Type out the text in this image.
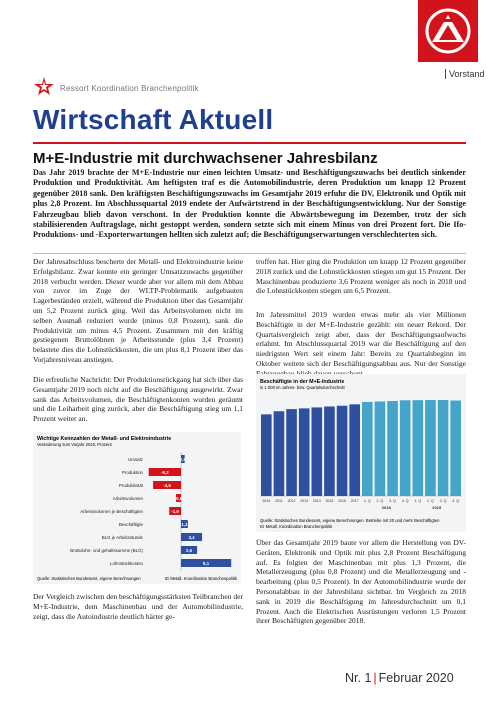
Vorstand
Ressort Koordination Branchenpolitik
Wirtschaft Aktuell
M+E-Industrie mit durchwachsener Jahresbilanz
Das Jahr 2019 brachte der M+E-Industrie nur einen leichten Umsatz- und Beschäftigungszuwachs bei deutlich sinkender Produktion und Produktivität. Am heftigsten traf es die Automobilindustrie, deren Produktion um knapp 12 Prozent gegenüber 2018 sank. Den kräftigsten Beschäftigungszuwachs im Gesamtjahr 2019 erfuhr die DV, Elektronik und Optik mit plus 2,8 Prozent. Im Abschlussquartal 2019 endete der Aufwärtstrend in der Beschäftigungsentwicklung. Nur der Sonstige Fahrzeugbau blieb davon verschont. In der Produktion konnte die Abwärtsbewegung im Dezember, trotz der sich stabilisierenden Auftragslage, nicht gestoppt werden, sondern setzte sich mit einem Minus von drei Prozent fort. Die Ifo-Produktions- und -Exporterwartungen hellten sich zuletzt auf; die Beschäftigungserwartungen verschlechterten sich.

Der Jahresabschluss bescherte der Metall- und Elektroindustrie keine Erfolgsbilanz. Zwar konnte ein geringer Umsatzzuwachs gegenüber 2018 verbucht werden. Dieser wurde aber vor allem mit dem Abbau von zuvor im Zuge der WLTP-Problematik aufgebauten Lagerbeständen erzielt, während die Produktion über das Gesamtjahr um 5,2 Prozent zurück ging. Weil das Arbeitsvolumen nicht im selben Ausmaß reduziert wurde (minus 0,8 Prozent), sank die Produktivität um minus 4,5 Prozent. Zusammen mit den kräftig gestiegenen Bruttolöhnen je Arbeitsstunde (plus 3,4 Prozent) belastete dies die Lohnstückkosten, die um plus 8,1 Prozent über das Vorjahresniveau anstiegen.

Die erfreuliche Nachricht: Der Produktionsrückgang hat sich über das Gesamtjahr 2019 noch nicht auf die Beschäftigung ausgewirkt. Zwar sank das Arbeitsvolumen, die Beschäftigtenkonten wurden geräumt und die Leiharbeit ging zurück, aber die Beschäftigung stieg um 1,1 Prozent weiter an.

Der Vergleich zwischen den beschäftigungsstärksten Teilbranchen der M+E-Industrie, dem Maschinenbau und der Automobilindustrie, zeigt, dass die Autoindustrie deutlich härter ge-

troffen hat. Hier ging die Produktion um knapp 12 Prozent gegenüber 2018 zurück und die Lohnstückkosten stiegen um gut 15 Prozent. Der Maschinenbau produzierte 3,6 Prozent weniger als noch in 2018 und die Lohnstückkosten stiegen um 6,5 Prozent.

Im Jahresmittel 2019 wurden etwas mehr als vier Millionen Beschäftigte in der M+E-Industrie gezählt: ein neuer Rekord. Der Quartalsvergleich zeigt aber, dass der Beschäftigungsaufwuchs erlahmt. Im Abschlussquartal 2019 war die Beschäftigung auf den niedrigsten Wert seit einem Jahr: Bereits zu Quartalsbeginn im Oktober weitete sich der Beschäftigungsabbau aus. Nur der Sonstige

Über das Gesamtjahr 2019 baute vor allem die Herstellung von DV-Geräten, Elektronik und Optik mit plus 2,8 Prozent Beschäftigung auf. Es folgten der Maschinenbau mit plus 1,3 Prozent, die Metallerzeugung (plus 0,8 Prozent) und die Metallerzeugung und -bearbeitung (plus 0,5 Prozent). In der Automobilindustrie wurde der Personalabbau in der Jahresbilanz sichtbar. Im Vergleich zu 2018 sank in 2019 die Beschäftigung im Jahresdurchschnitt um 0,1 Prozent. Auch die Elektrischen Ausrüstungen verloren 1,5 Prozent ihrer Beschäftigten gegenüber 2018.

Wichtige Kennzahlen der Metall- und Elektroindustrie
Veränderung zum Vorjahr 2019, Prozent
Umsatz	0,6
Produktion	-5,2
Produktivität	-4,5
Arbeitsvolumen	-0,8
Arbeitsvolumen je Beschäftigten	-1,9
Beschäftigte	1,1
BLG je Arbeitsstunde	3,4
Bruttolohn- und gehaltssumme (BLG)	2,6
Lohnstückkosten	8,1
Quelle: Statistisches Bundesamt, eigene Berechnungen	IG Metall, Koordination Branchenpolitik
Beschäftigte in der M+E-Industrie
in 1.000 im Jahres- bzw. Quartalsdurchschnitt
2010 2011 2012 2013 2014 2015 2016 2017 1. Q 2. Q 3. Q 4. Q 1. Q 2. Q 3. Q 4. Q
2018	2019
Quelle: Statistisches Bundesamt, eigene Berechnungen. Betriebe mit 20 und mehr Beschäftigten
IG Metall, Koordination Branchenpolitik
Nr. 1 | Februar 2020
